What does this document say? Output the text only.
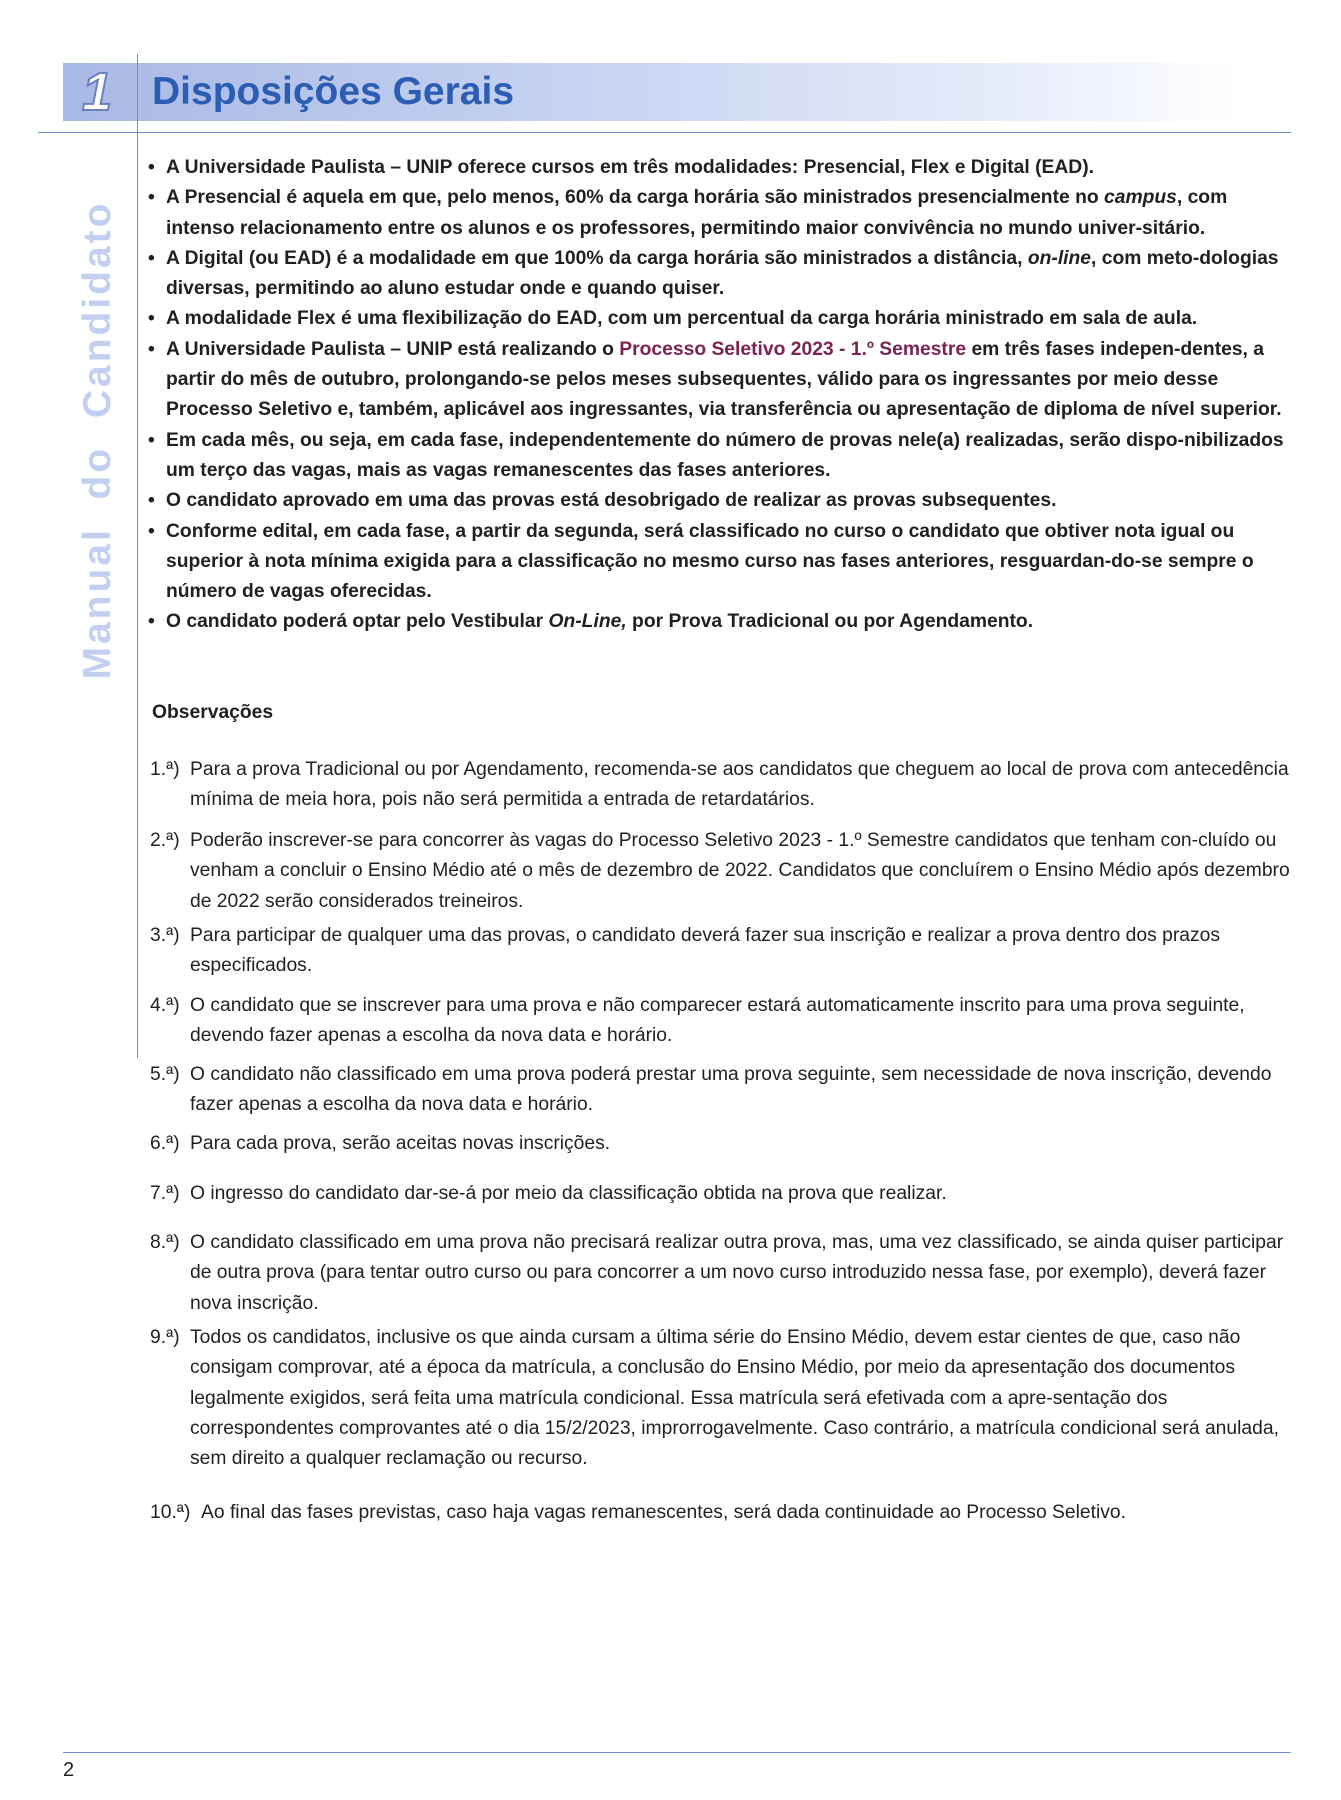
1	Disposições Gerais
Manual  do  Candidato
• A Universidade Paulista – UNIP oferece cursos em três modalidades: Presencial, Flex e Digital (EAD).
• A Presencial é aquela em que, pelo menos, 60% da carga horária são ministrados presencialmente no campus, com intenso relacionamento entre os alunos e os professores, permitindo maior convivência no mundo univer-sitário.
• A Digital (ou EAD) é a modalidade em que 100% da carga horária são ministrados a distância, on-line, com meto-dologias diversas, permitindo ao aluno estudar onde e quando quiser.
• A modalidade Flex é uma flexibilização do EAD, com um percentual da carga horária ministrado em sala de aula.
• A Universidade Paulista – UNIP está realizando o Processo Seletivo 2023 - 1.º Semestre em três fases indepen-dentes, a partir do mês de outubro, prolongando-se pelos meses subsequentes, válido para os ingressantes por meio desse Processo Seletivo e, também, aplicável aos ingressantes, via transferência ou apresentação de diploma de nível superior.
• Em cada mês, ou seja, em cada fase, independentemente do número de provas nele(a) realizadas, serão dispo-nibilizados um terço das vagas, mais as vagas remanescentes das fases anteriores.
• O candidato aprovado em uma das provas está desobrigado de realizar as provas subsequentes.
• Conforme edital, em cada fase, a partir da segunda, será classificado no curso o candidato que obtiver nota igual ou superior à nota mínima exigida para a classificação no mesmo curso nas fases anteriores, resguardan-do-se sempre o número de vagas oferecidas.
• O candidato poderá optar pelo Vestibular On-Line, por Prova Tradicional ou por Agendamento.
Observações
1.ª) Para a prova Tradicional ou por Agendamento, recomenda-se aos candidatos que cheguem ao local de prova com antecedência mínima de meia hora, pois não será permitida a entrada de retardatários.
2.ª) Poderão inscrever-se para concorrer às vagas do Processo Seletivo 2023 - 1.º Semestre candidatos que tenham con-cluído ou venham a concluir o Ensino Médio até o mês de dezembro de 2022. Candidatos que concluírem o Ensino Médio após dezembro de 2022 serão considerados treineiros.
3.ª) Para participar de qualquer uma das provas, o candidato deverá fazer sua inscrição e realizar a prova dentro dos prazos especificados.
4.ª) O candidato que se inscrever para uma prova e não comparecer estará automaticamente inscrito para uma prova seguinte, devendo fazer apenas a escolha da nova data e horário.
5.ª) O candidato não classificado em uma prova poderá prestar uma prova seguinte, sem necessidade de nova inscrição, devendo fazer apenas a escolha da nova data e horário.
6.ª) Para cada prova, serão aceitas novas inscrições.
7.ª) O ingresso do candidato dar-se-á por meio da classificação obtida na prova que realizar.
8.ª) O candidato classificado em uma prova não precisará realizar outra prova, mas, uma vez classificado, se ainda quiser participar de outra prova (para tentar outro curso ou para concorrer a um novo curso introduzido nessa fase, por exemplo), deverá fazer nova inscrição.
9.ª) Todos os candidatos, inclusive os que ainda cursam a última série do Ensino Médio, devem estar cientes de que, caso não consigam comprovar, até a época da matrícula, a conclusão do Ensino Médio, por meio da apresentação dos documentos legalmente exigidos, será feita uma matrícula condicional. Essa matrícula será efetivada com a apre-sentação dos correspondentes comprovantes até o dia 15/2/2023, improrrogavelmente. Caso contrário, a matrícula condicional será anulada, sem direito a qualquer reclamação ou recurso.
10.ª) Ao final das fases previstas, caso haja vagas remanescentes, será dada continuidade ao Processo Seletivo.
2
